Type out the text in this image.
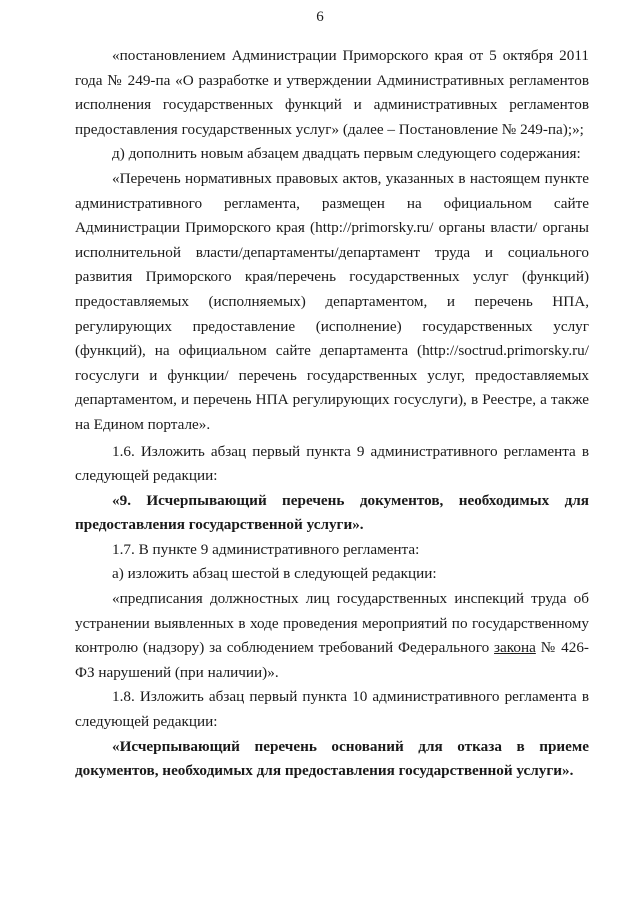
6

«постановлением Администрации Приморского края от 5 октября 2011 года № 249-па «О разработке и утверждении Административных регламентов исполнения государственных функций и административных регламентов предоставления государственных услуг» (далее – Постановление № 249-па);»;

д) дополнить новым абзацем двадцать первым следующего содержания:

«Перечень нормативных правовых актов, указанных в настоящем пункте административного регламента, размещен на официальном сайте Администрации Приморского края (http://primorsky.ru/ органы власти/ органы исполнительной власти/департаменты/департамент труда и социального развития Приморского края/перечень государственных услуг (функций) предоставляемых (исполняемых) департаментом, и перечень НПА, регулирующих предоставление (исполнение) государственных услуг (функций), на официальном сайте департамента (http://soctrud.primorsky.ru/ госуслуги и функции/ перечень государственных услуг, предоставляемых департаментом, и перечень НПА регулирующих госуслуги), в Реестре, а также на Едином портале».

1.6. Изложить абзац первый пункта 9 административного регламента в следующей редакции:

«9. Исчерпывающий перечень документов, необходимых для предоставления государственной услуги».

1.7. В пункте 9 административного регламента:

а) изложить абзац шестой в следующей редакции:

«предписания должностных лиц государственных инспекций труда об устранении выявленных в ходе проведения мероприятий по государственному контролю (надзору) за соблюдением требований Федерального закона № 426-ФЗ нарушений (при наличии)».

1.8. Изложить абзац первый пункта 10 административного регламента в следующей редакции:

«Исчерпывающий перечень оснований для отказа в приеме документов, необходимых для предоставления государственной услуги».
